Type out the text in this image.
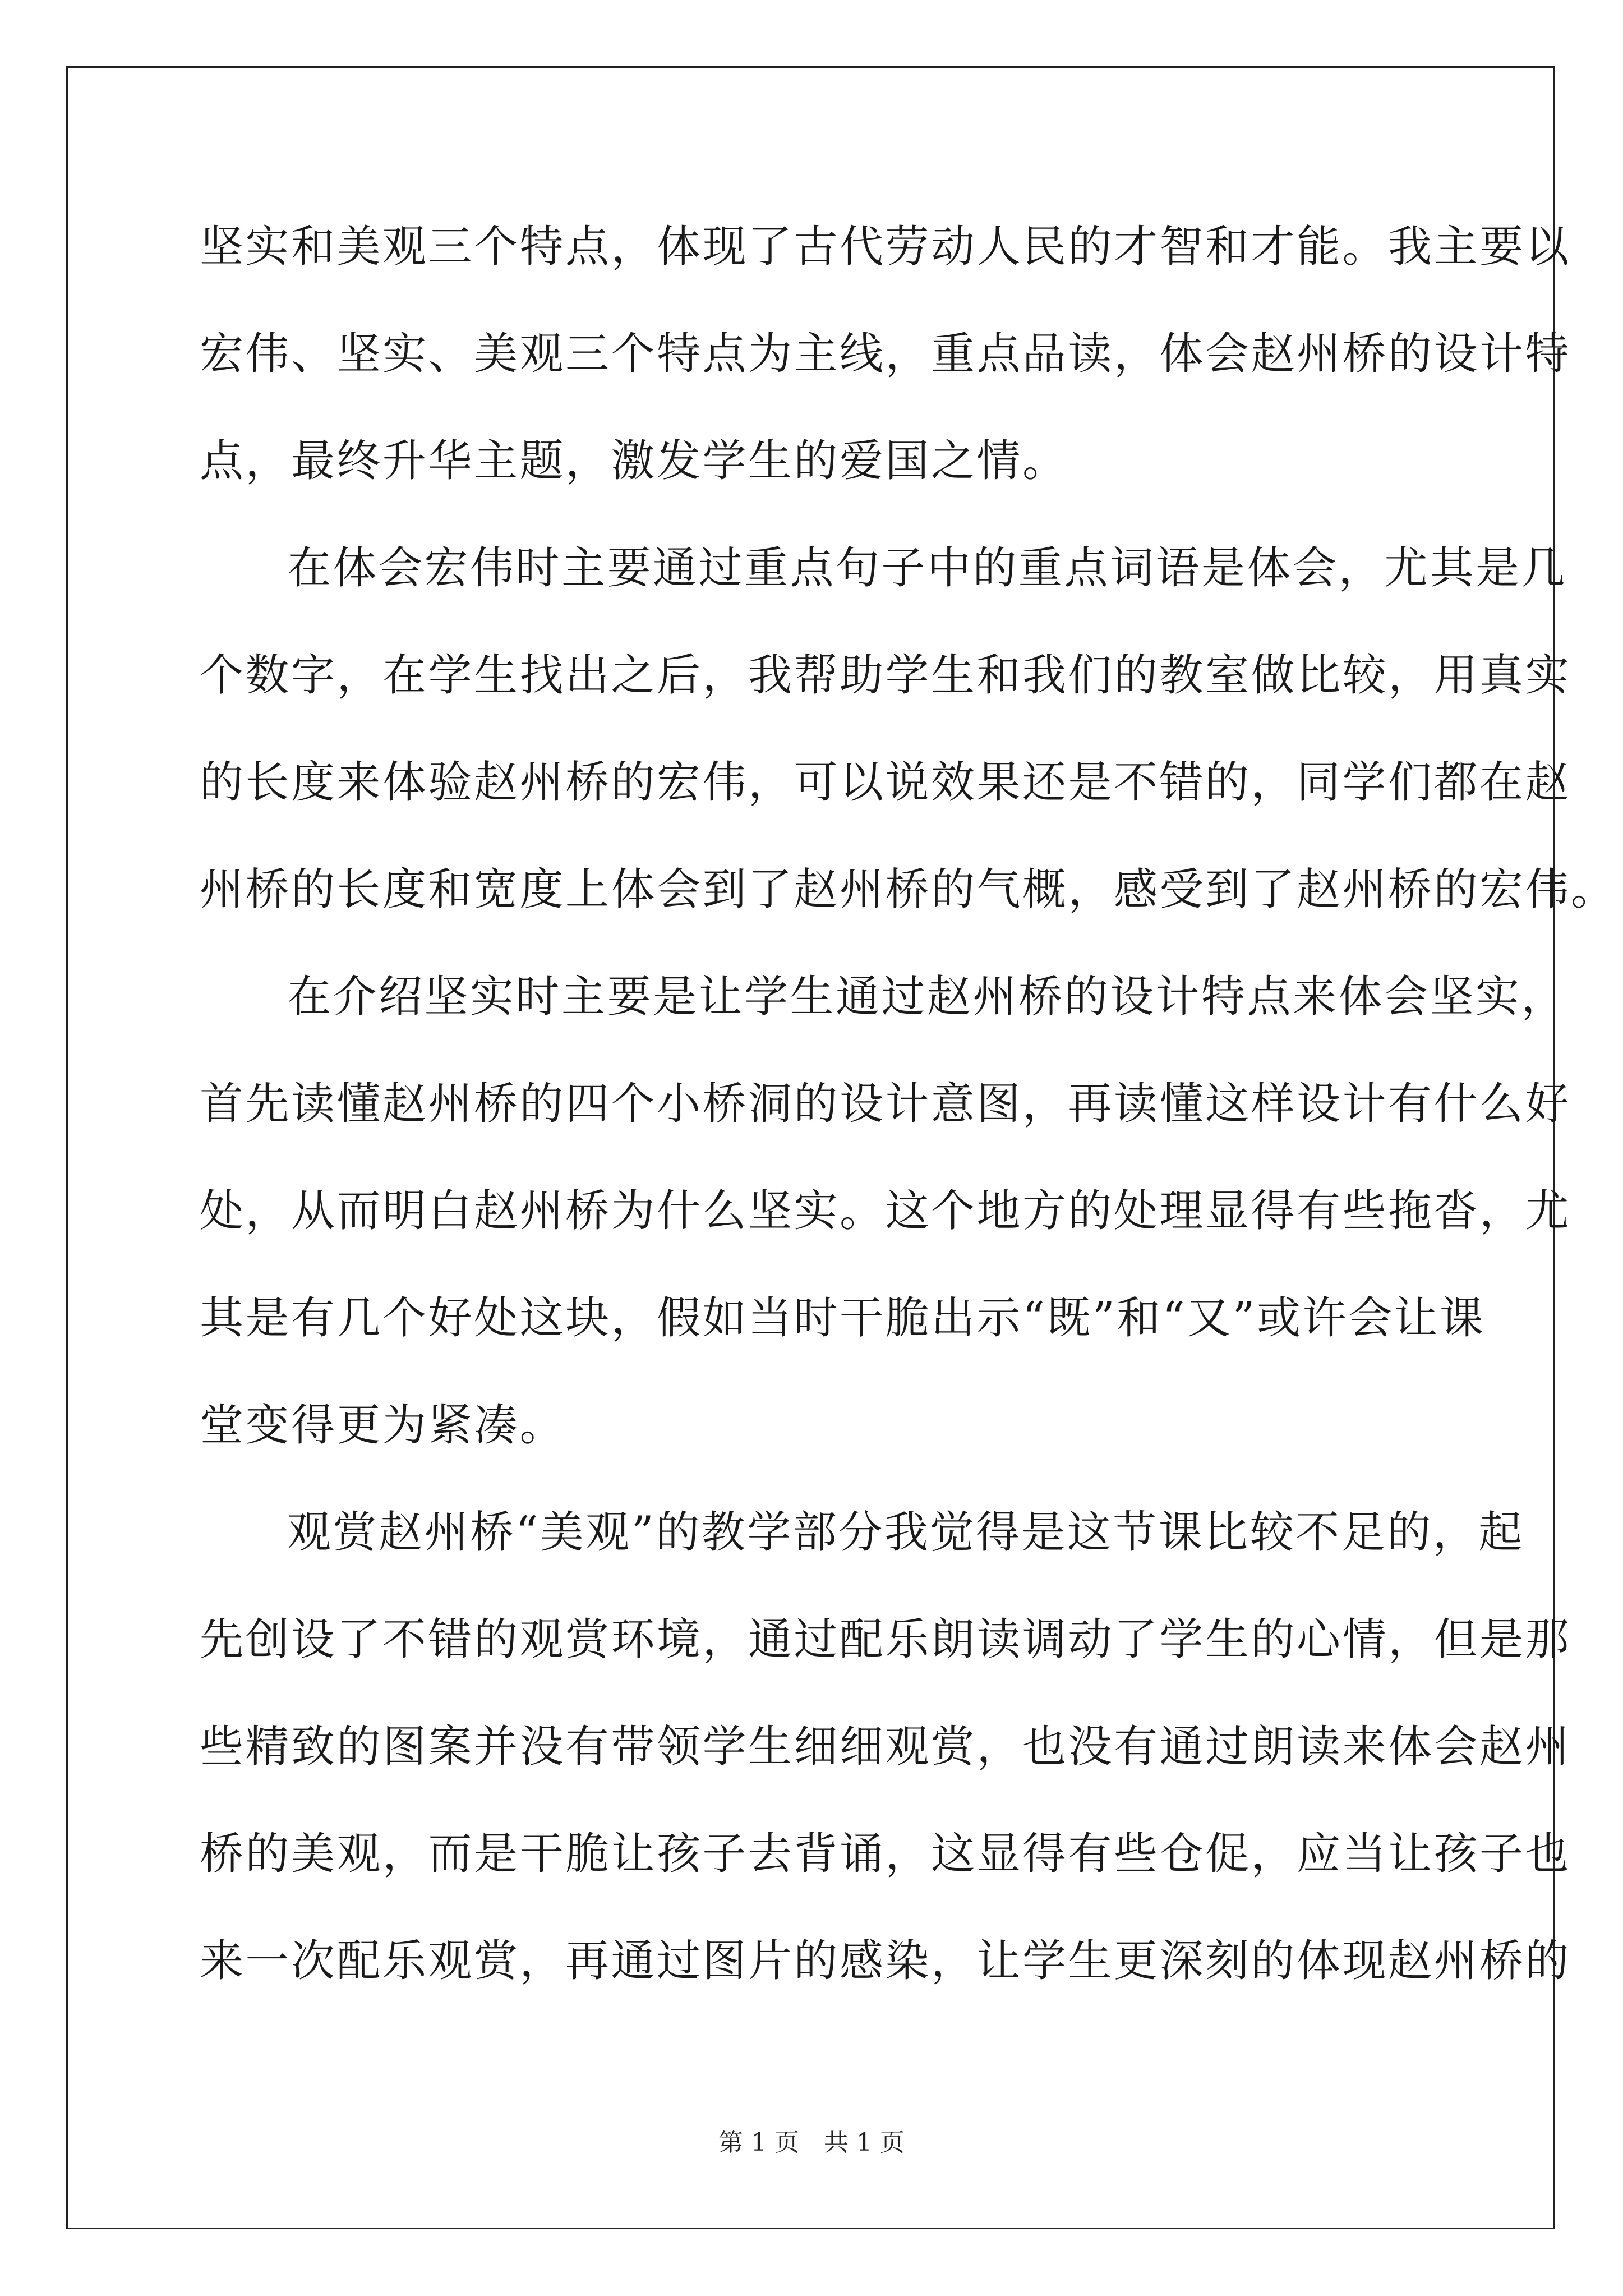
坚实和美观三个特点，体现了古代劳动人民的才智和才能。我主要以
宏伟、坚实、美观三个特点为主线，重点品读，体会赵州桥的设计特
点，最终升华主题，激发学生的爱国之情。
在体会宏伟时主要通过重点句子中的重点词语是体会，尤其是几
个数字，在学生找出之后，我帮助学生和我们的教室做比较，用真实
的长度来体验赵州桥的宏伟，可以说效果还是不错的，同学们都在赵
州桥的长度和宽度上体会到了赵州桥的气概，感受到了赵州桥的宏伟。
在介绍坚实时主要是让学生通过赵州桥的设计特点来体会坚实，
首先读懂赵州桥的四个小桥洞的设计意图，再读懂这样设计有什么好
处，从而明白赵州桥为什么坚实。这个地方的处理显得有些拖沓，尤
其是有几个好处这块，假如当时干脆出示“既”和“又”或许会让课
堂变得更为紧凑。
观赏赵州桥“美观”的教学部分我觉得是这节课比较不足的，起
先创设了不错的观赏环境，通过配乐朗读调动了学生的心情，但是那
些精致的图案并没有带领学生细细观赏，也没有通过朗读来体会赵州
桥的美观，而是干脆让孩子去背诵，这显得有些仓促，应当让孩子也
来一次配乐观赏，再通过图片的感染，让学生更深刻的体现赵州桥的
第 1 页　共 1 页
